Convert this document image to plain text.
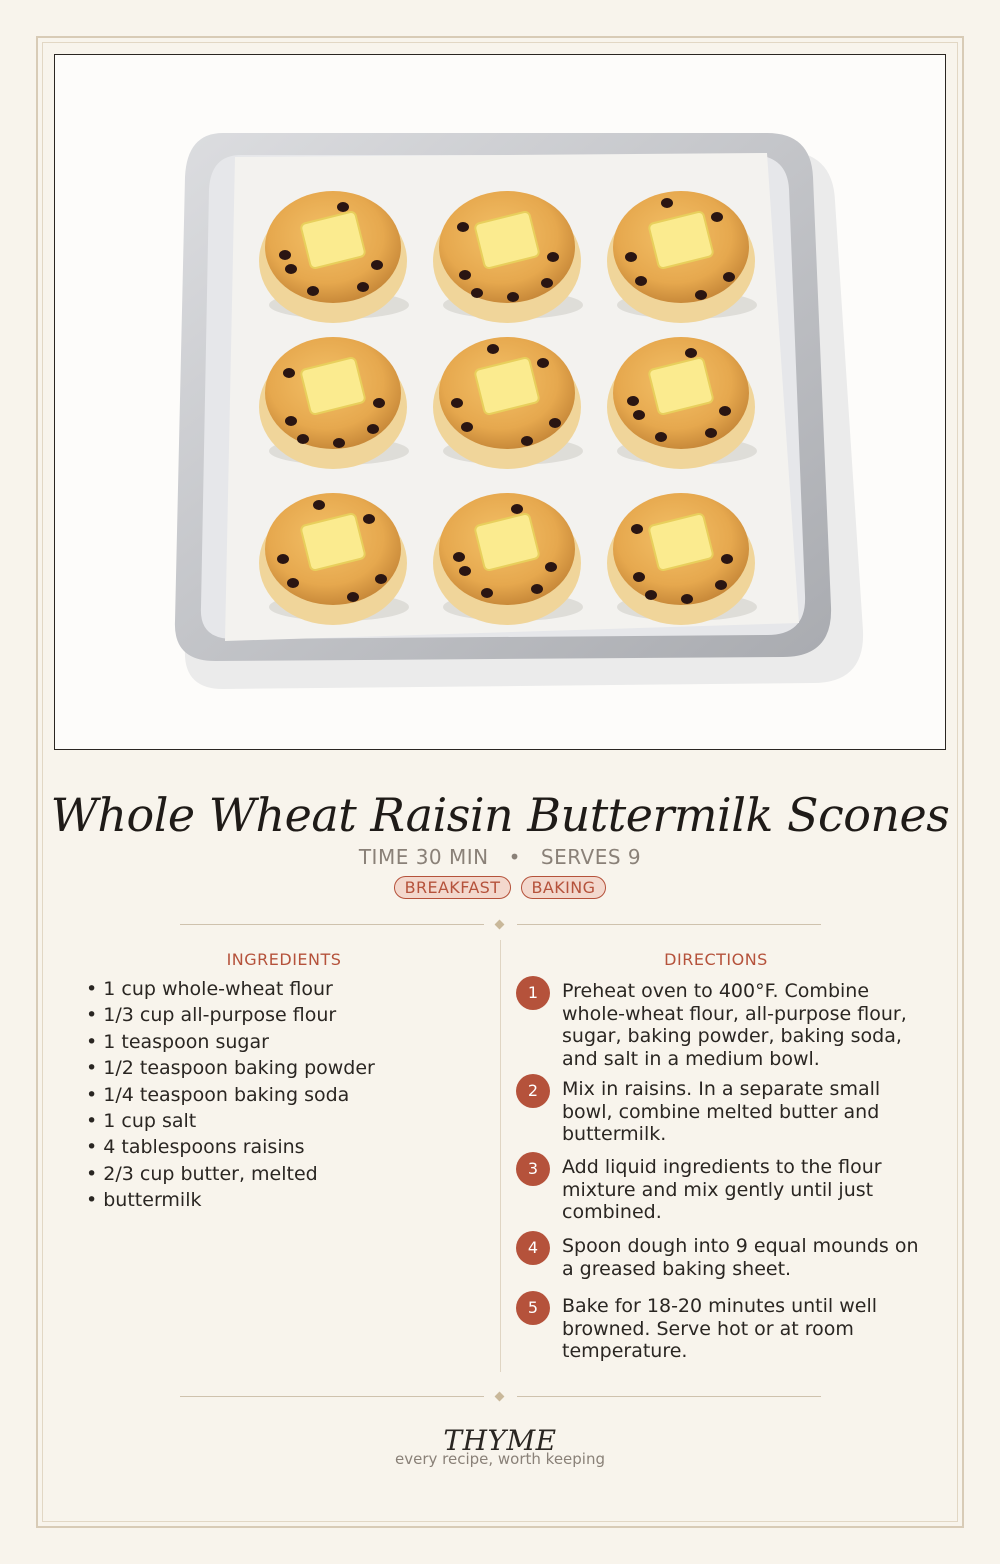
Whole Wheat Raisin Buttermilk Scones
TIME 30 MIN • SERVES 9
BREAKFAST BAKING
INGREDIENTS
• 1 cup whole-wheat flour
• 1/3 cup all-purpose flour
• 1 teaspoon sugar
• 1/2 teaspoon baking powder
• 1/4 teaspoon baking soda
• 1 cup salt
• 4 tablespoons raisins
• 2/3 cup butter, melted
• buttermilk
DIRECTIONS
1	Preheat oven to 400°F. Combine whole-wheat flour, all-purpose flour, sugar, baking powder, baking soda, and salt in a medium bowl.
2	Mix in raisins. In a separate small bowl, combine melted butter and buttermilk.
3	Add liquid ingredients to the flour mixture and mix gently until just combined.
4	Spoon dough into 9 equal mounds on a greased baking sheet.
5	Bake for 18-20 minutes until well browned. Serve hot or at room temperature.
THYME
every recipe, worth keeping
